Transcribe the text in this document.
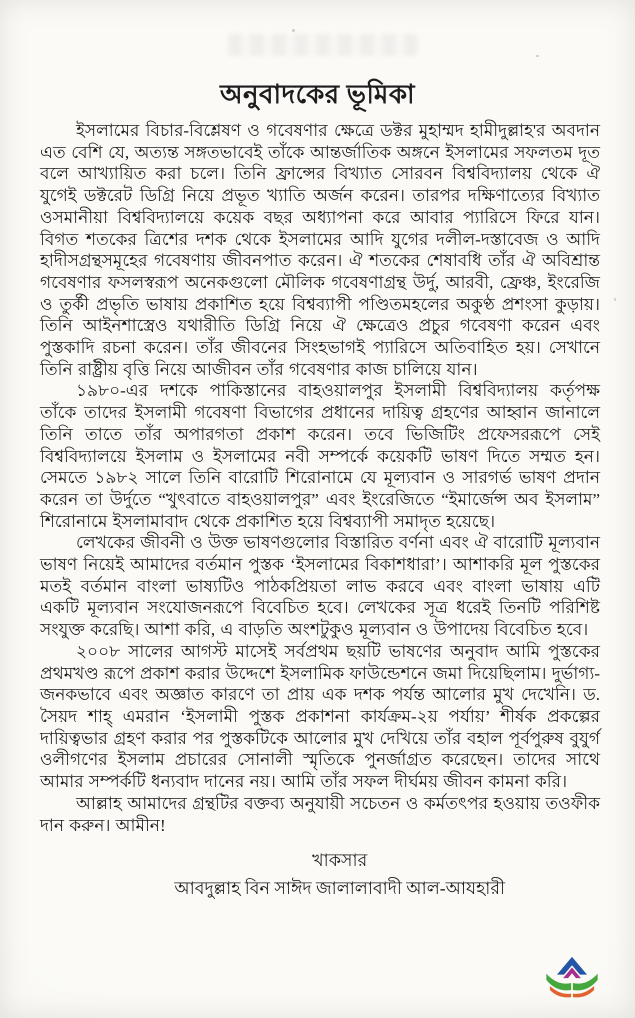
অনুবাদকের ভূমিকা

ইসলামের বিচার-বিশ্লেষণ ও গবেষণার ক্ষেত্রে ডক্টর মুহাম্মদ হামীদুল্লাহ'র অবদান এত বেশি যে, অত্যন্ত সঙ্গতভাবেই তাঁকে আন্তর্জাতিক অঙ্গনে ইসলামের সফলতম দূত বলে আখ্যায়িত করা চলে। তিনি ফ্রান্সের বিখ্যাত সোরবন বিশ্ববিদ্যালয় থেকে ঐ যুগেই ডক্টরেট ডিগ্রি নিয়ে প্রভূত খ্যাতি অর্জন করেন। তারপর দক্ষিণাত্যের বিখ্যাত ওসমানীয়া বিশ্ববিদ্যালয়ে কয়েক বছর অধ্যাপনা করে আবার প্যারিসে ফিরে যান। বিগত শতকের ত্রিশের দশক থেকে ইসলামের আদি যুগের দলীল-দস্তাবেজ ও আদি হাদীসগ্রন্থসমূহের গবেষণায় জীবনপাত করেন। ঐ শতকের শেষাবধি তাঁর ঐ অবিশ্রান্ত গবেষণার ফসলস্বরূপ অনেকগুলো মৌলিক গবেষণাগ্রন্থ উর্দু, আরবী, ফ্রেঞ্চ, ইংরেজি ও তুর্কী প্রভৃতি ভাষায় প্রকাশিত হয়ে বিশ্বব্যাপী পণ্ডিতমহলের অকুণ্ঠ প্রশংসা কুড়ায়। তিনি আইনশাস্ত্রেও যথারীতি ডিগ্রি নিয়ে ঐ ক্ষেত্রেও প্রচুর গবেষণা করেন এবং পুস্তকাদি রচনা করেন। তাঁর জীবনের সিংহভাগই প্যারিসে অতিবাহিত হয়। সেখানে তিনি রাষ্ট্রীয় বৃত্তি নিয়ে আজীবন তাঁর গবেষণার কাজ চালিয়ে যান।

১৯৮০-এর দশকে পাকিস্তানের বাহওয়ালপুর ইসলামী বিশ্ববিদ্যালয় কর্তৃপক্ষ তাঁকে তাদের ইসলামী গবেষণা বিভাগের প্রধানের দায়িত্ব গ্রহণের আহ্বান জানালে তিনি তাতে তাঁর অপারগতা প্রকাশ করেন। তবে ভিজিটিং প্রফেসররূপে সেই বিশ্ববিদ্যালয়ে ইসলাম ও ইসলামের নবী সম্পর্কে কয়েকটি ভাষণ দিতে সম্মত হন। সেমতে ১৯৮২ সালে তিনি বারোটি শিরোনামে যে মূল্যবান ও সারগর্ভ ভাষণ প্রদান করেন তা উর্দুতে “খুৎবাতে বাহওয়ালপুর” এবং ইংরেজিতে “ইমার্জেন্স অব ইসলাম” শিরোনামে ইসলামাবাদ থেকে প্রকাশিত হয়ে বিশ্বব্যাপী সমাদৃত হয়েছে।

লেখকের জীবনী ও উক্ত ভাষণগুলোর বিস্তারিত বর্ণনা এবং ঐ বারোটি মূল্যবান ভাষণ নিয়েই আমাদের বর্তমান পুস্তক ‘ইসলামের বিকাশধারা’। আশাকরি মূল পুস্তকের মতই বর্তমান বাংলা ভাষ্যটিও পাঠকপ্রিয়তা লাভ করবে এবং বাংলা ভাষায় এটি একটি মূল্যবান সংযোজনরূপে বিবেচিত হবে। লেখকের সূত্র ধরেই তিনটি পরিশিষ্ট সংযুক্ত করেছি। আশা করি, এ বাড়তি অংশটুকুও মূল্যবান ও উপাদেয় বিবেচিত হবে।

২০০৮ সালের আগস্ট মাসেই সর্বপ্রথম ছয়টি ভাষণের অনুবাদ আমি পুস্তকের প্রথমখণ্ড রূপে প্রকাশ করার উদ্দেশে ইসলামিক ফাউন্ডেশনে জমা দিয়েছিলাম। দুর্ভাগ্য-জনকভাবে এবং অজ্ঞাত কারণে তা প্রায় এক দশক পর্যন্ত আলোর মুখ দেখেনি। ড. সৈয়দ শাহ্‌ এমরান ‘ইসলামী পুস্তক প্রকাশনা কার্যক্রম-২য় পর্যায়’ শীর্ষক প্রকল্পের দায়িত্বভার গ্রহণ করার পর পুস্তকটিকে আলোর মুখ দেখিয়ে তাঁর বহাল পূর্বপুরুষ বুযুর্গ ওলীগণের ইসলাম প্রচারের সোনালী স্মৃতিকে পুনর্জাগ্রত করেছেন। তাদের সাথে আমার সম্পর্কটি ধন্যবাদ দানের নয়। আমি তাঁর সফল দীর্ঘময় জীবন কামনা করি।

আল্লাহ আমাদের গ্রন্থটির বক্তব্য অনুযায়ী সচেতন ও কর্মতৎপর হওয়ায় তওফীক দান করুন। আমীন!

খাকসার
আবদুল্লাহ বিন সাঈদ জালালাবাদী আল-আযহারী
